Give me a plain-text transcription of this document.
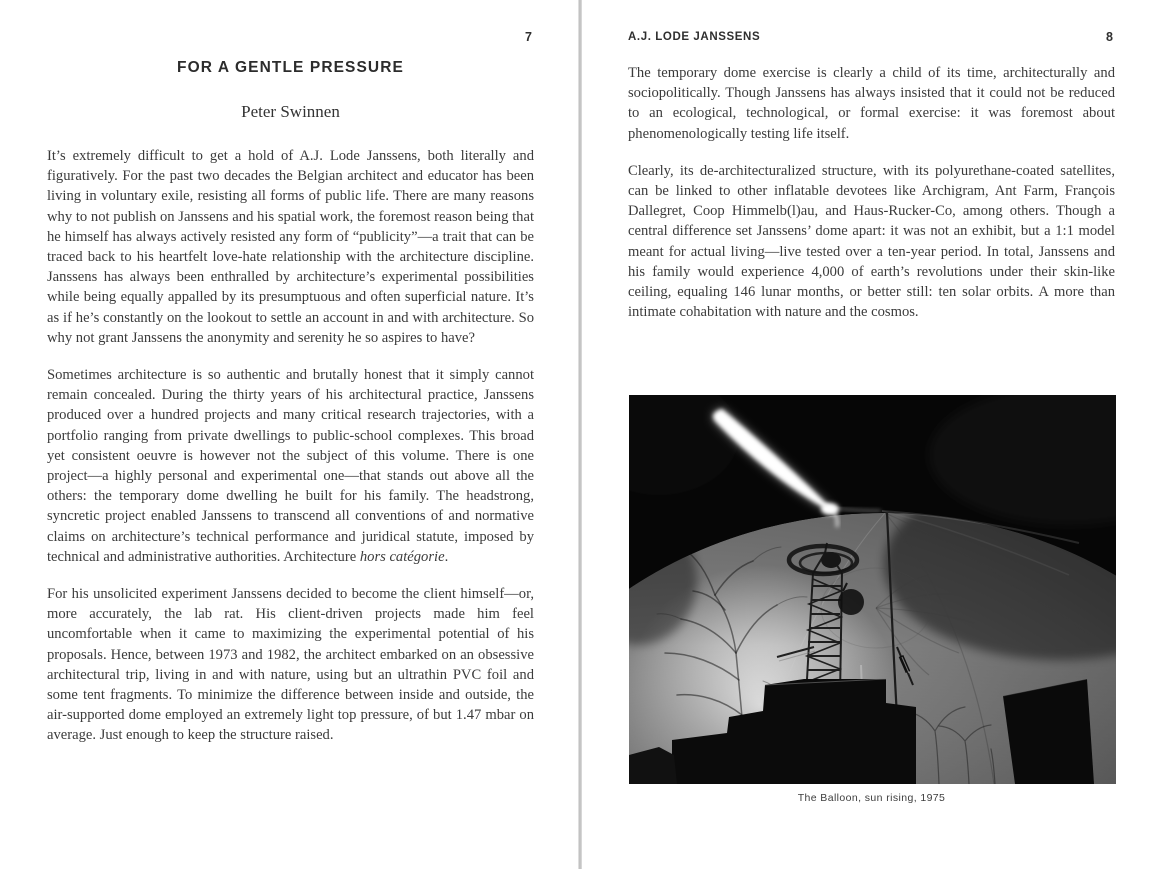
7
FOR A GENTLE PRESSURE
Peter Swinnen

It’s extremely difficult to get a hold of A.J. Lode Janssens, both literally and figuratively. For the past two decades the Belgian architect and educator has been living in voluntary exile, resisting all forms of public life. There are many reasons why to not publish on Janssens and his spatial work, the foremost reason being that he himself has always actively resisted any form of “publicity”—a trait that can be traced back to his heartfelt love-hate relationship with the architecture discipline. Janssens has always been enthralled by architecture’s experimental possibilities while being equally appalled by its presumptuous and often superficial nature. It’s as if he’s constantly on the lookout to settle an account in and with architecture. So why not grant Janssens the anonymity and serenity he so aspires to have?

Sometimes architecture is so authentic and brutally honest that it simply cannot remain concealed. During the thirty years of his architectural practice, Janssens produced over a hundred projects and many critical research trajectories, with a portfolio ranging from private dwellings to public-school complexes. This broad yet consistent oeuvre is however not the subject of this volume. There is one project—a highly personal and experimental one—that stands out above all the others: the temporary dome dwelling he built for his family. The headstrong, syncretic project enabled Janssens to transcend all conventions of and normative claims on architecture’s technical performance and juridical statute, imposed by technical and administrative authorities. Architecture hors catégorie.

For his unsolicited experiment Janssens decided to become the client himself—or, more accurately, the lab rat. His client-driven projects made him feel uncomfortable when it came to maximizing the experimental potential of his proposals. Hence, between 1973 and 1982, the architect embarked on an obsessive architectural trip, living in and with nature, using but an ultrathin PVC foil and some tent fragments. To minimize the difference between inside and outside, the air-supported dome employed an extremely light top pressure, of but 1.47 mbar on average. Just enough to keep the structure raised.

A.J. LODE JANSSENS	8

The temporary dome exercise is clearly a child of its time, architecturally and sociopolitically. Though Janssens has always insisted that it could not be reduced to an ecological, technological, or formal exercise: it was foremost about phenomenologically testing life itself.

Clearly, its de-architecturalized structure, with its polyurethane-coated satellites, can be linked to other inflatable devotees like Archigram, Ant Farm, François Dallegret, Coop Himmelb(l)au, and Haus-Rucker-Co, among others. Though a central difference set Janssens’ dome apart: it was not an exhibit, but a 1:1 model meant for actual living—live tested over a ten-year period. In total, Janssens and his family would experience 4,000 of earth’s revolutions under their skin-like ceiling, equaling 146 lunar months, or better still: ten solar orbits. A more than intimate cohabitation with nature and the cosmos.

The Balloon, sun rising, 1975
